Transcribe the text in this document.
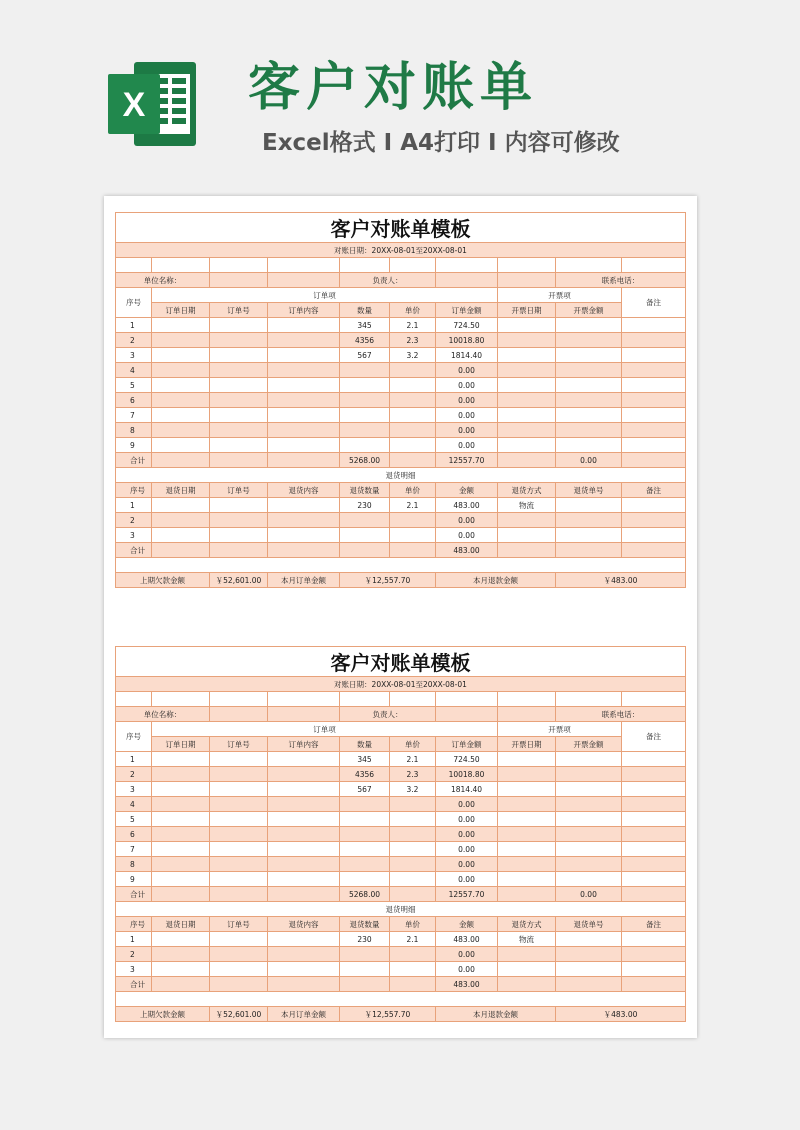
X 客户对账单
Excel格式 I A4打印 I 内容可修改
客户对账单模板
对账日期：20XX-08-01至20XX-08-01

单位名称：			负责人：			联系电话：
序号	订单项	开票项	备注
订单日期	订单号	订单内容	数量	单价	订单金额	开票日期	开票金额
1				345	2.1	724.50			
2				4356	2.3	10018.80			
3				567	3.2	1814.40			
4						0.00			
5						0.00			
6						0.00			
7						0.00			
8						0.00			
9						0.00			
合计				5268.00		12557.70		0.00	
退货明细
序号	退货日期	订单号	退货内容	退货数量	单价	金额	退货方式	退货单号	备注
1				230	2.1	483.00	物流		
2						0.00			
3						0.00			
合计						483.00			

上期欠款金额	￥52,601.00	本月订单金额	￥12,557.70	本月退款金额	￥483.00
客户对账单模板
对账日期：20XX-08-01至20XX-08-01

单位名称：			负责人：			联系电话：
序号	订单项	开票项	备注
订单日期	订单号	订单内容	数量	单价	订单金额	开票日期	开票金额
1				345	2.1	724.50			
2				4356	2.3	10018.80			
3				567	3.2	1814.40			
4						0.00			
5						0.00			
6						0.00			
7						0.00			
8						0.00			
9						0.00			
合计				5268.00		12557.70		0.00	
退货明细
序号	退货日期	订单号	退货内容	退货数量	单价	金额	退货方式	退货单号	备注
1				230	2.1	483.00	物流		
2						0.00			
3						0.00			
合计						483.00			

上期欠款金额	￥52,601.00	本月订单金额	￥12,557.70	本月退款金额	￥483.00
